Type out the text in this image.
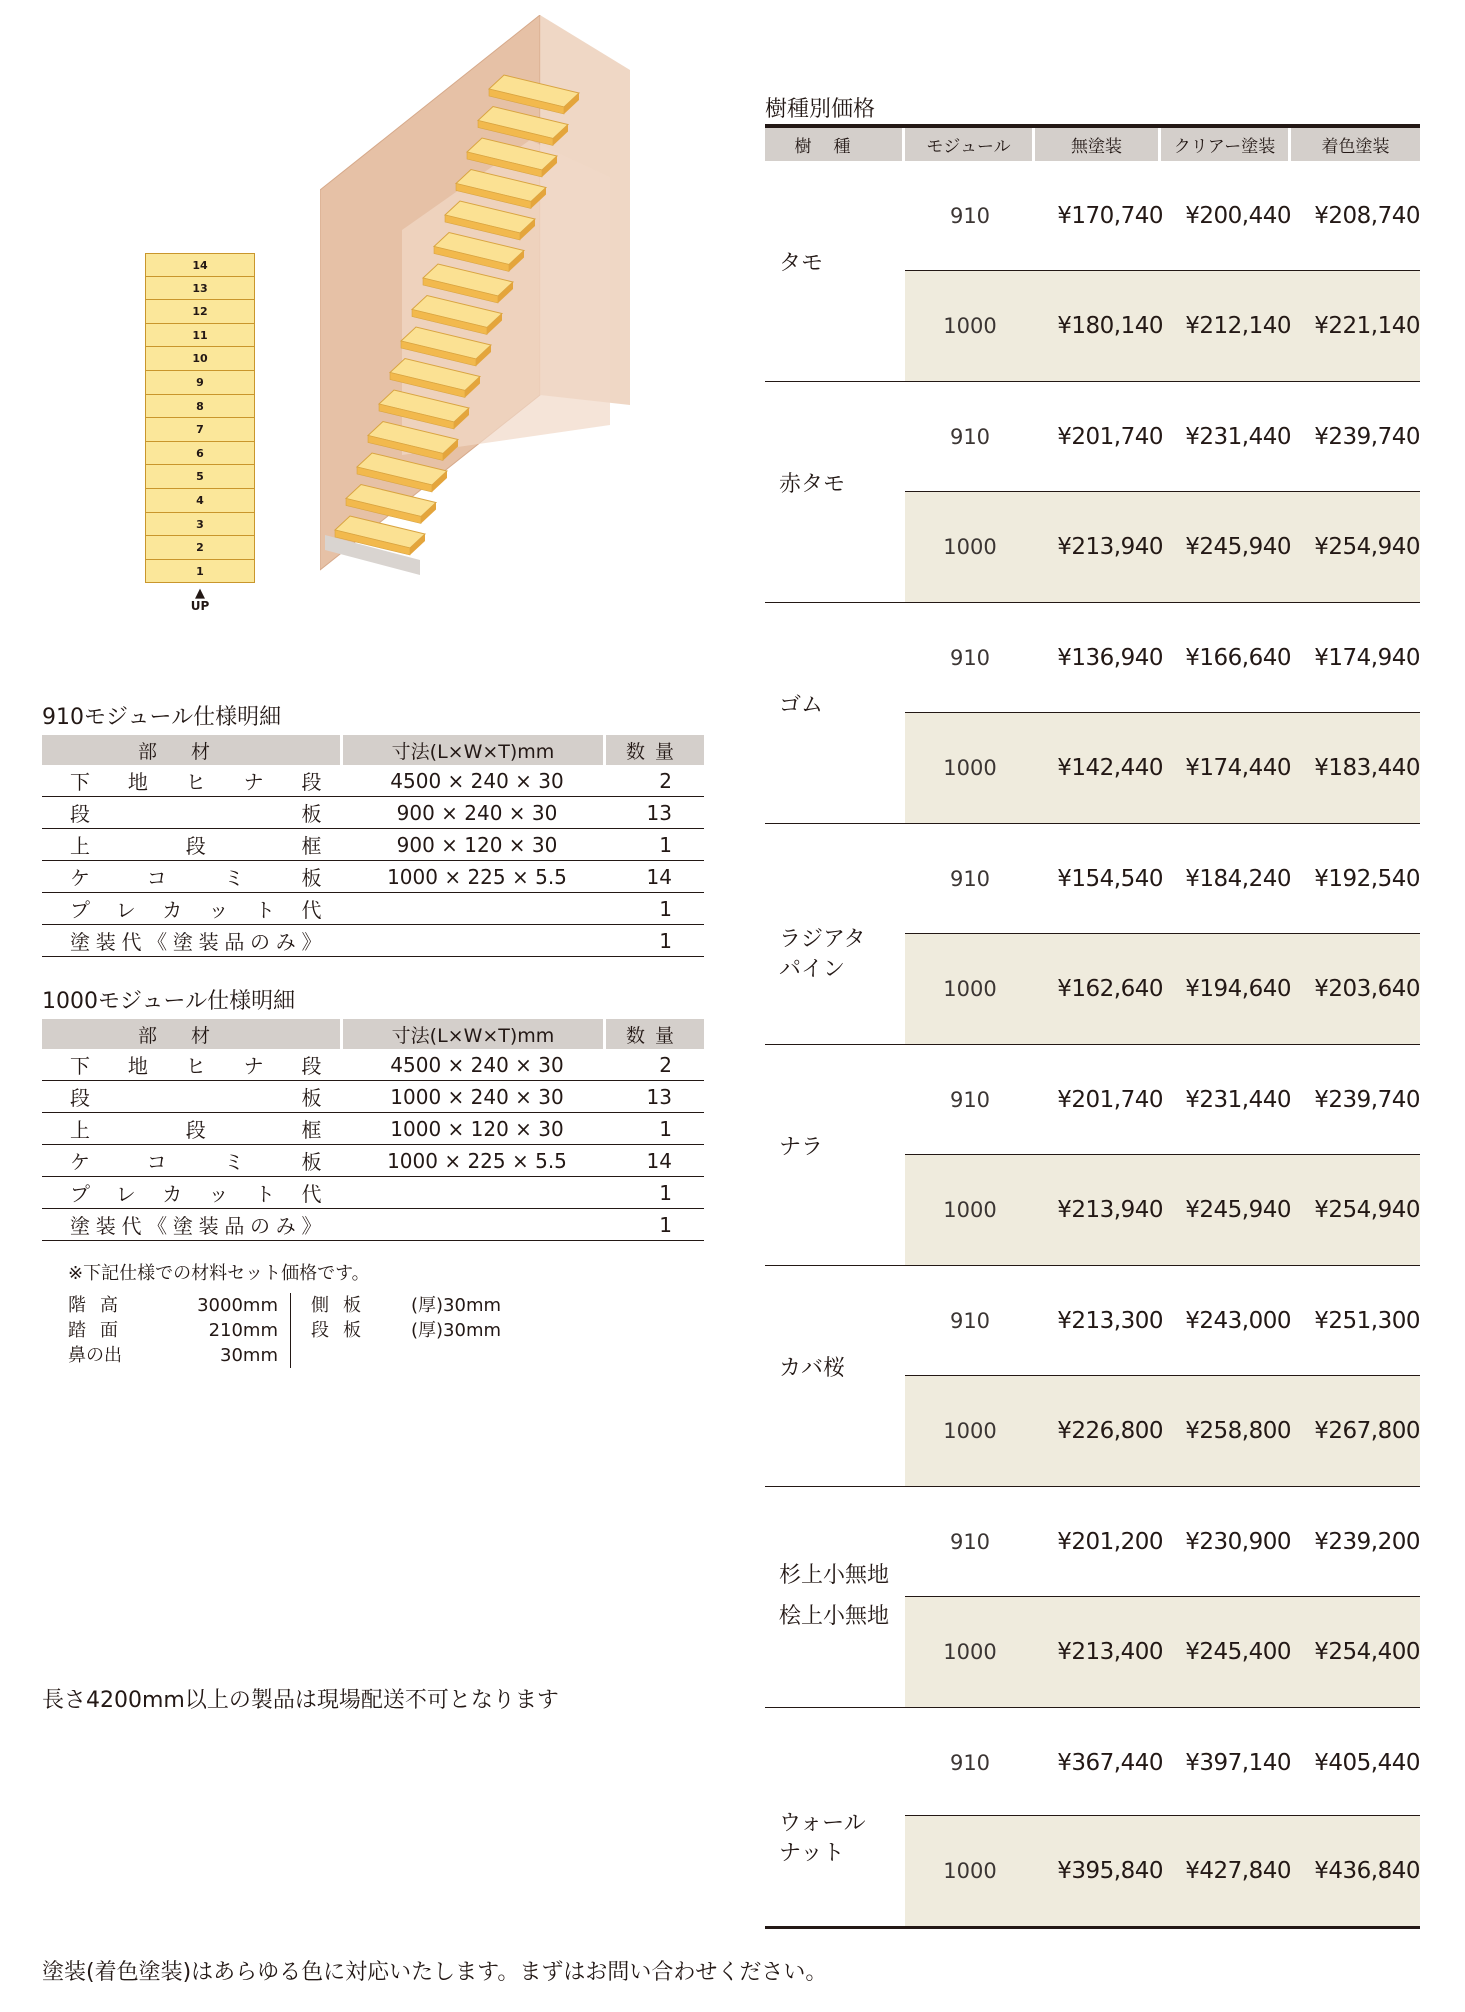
14
13
12
11
10
9
8
7
6
5
4
3
2
1
▲
UP
910モジュール仕様明細
部材	寸法(L×W×T)mm	数量
下地ヒナ段	4500 × 240 × 30	2
段板	900 × 240 × 30	13
上段框	900 × 120 × 30	1
ケコミ板	1000 × 225 × 5.5	14
プレカット代		1
塗装代《塗装品のみ》		1
1000モジュール仕様明細
部材	寸法(L×W×T)mm	数量
下地ヒナ段	4500 × 240 × 30	2
段板	1000 × 240 × 30	13
上段框	1000 × 120 × 30	1
ケコミ板	1000 × 225 × 5.5	14
プレカット代		1
塗装代《塗装品のみ》		1
※下記仕様での材料セット価格です。
階高	3000mm
踏面	210mm
鼻の出	30mm
側板 (厚)30mm
段板 (厚)30mm
長さ4200mm以上の製品は現場配送不可となります
塗装(着色塗装)はあらゆる色に対応いたします。まずはお問い合わせください。
樹種別価格
樹種	モジュール	無塗装	クリアー塗装	着色塗装
タモ
910	¥170,740 ¥200,440	¥208,740
1000	¥180,140 ¥212,140	¥221,140
赤タモ
910	¥201,740 ¥231,440	¥239,740
1000	¥213,940 ¥245,940	¥254,940
ゴム
910	¥136,940 ¥166,640	¥174,940
1000	¥142,440 ¥174,440	¥183,440
ラジアタ
パイン
910	¥154,540 ¥184,240	¥192,540
1000	¥162,640 ¥194,640	¥203,640
ナラ
910	¥201,740 ¥231,440	¥239,740
1000	¥213,940 ¥245,940	¥254,940
カバ桜
910	¥213,300 ¥243,000	¥251,300
1000	¥226,800 ¥258,800	¥267,800
杉上小無地
桧上小無地
910	¥201,200 ¥230,900	¥239,200
1000	¥213,400 ¥245,400	¥254,400
ウォール
ナット
910	¥367,440 ¥397,140	¥405,440
1000	¥395,840 ¥427,840	¥436,840
